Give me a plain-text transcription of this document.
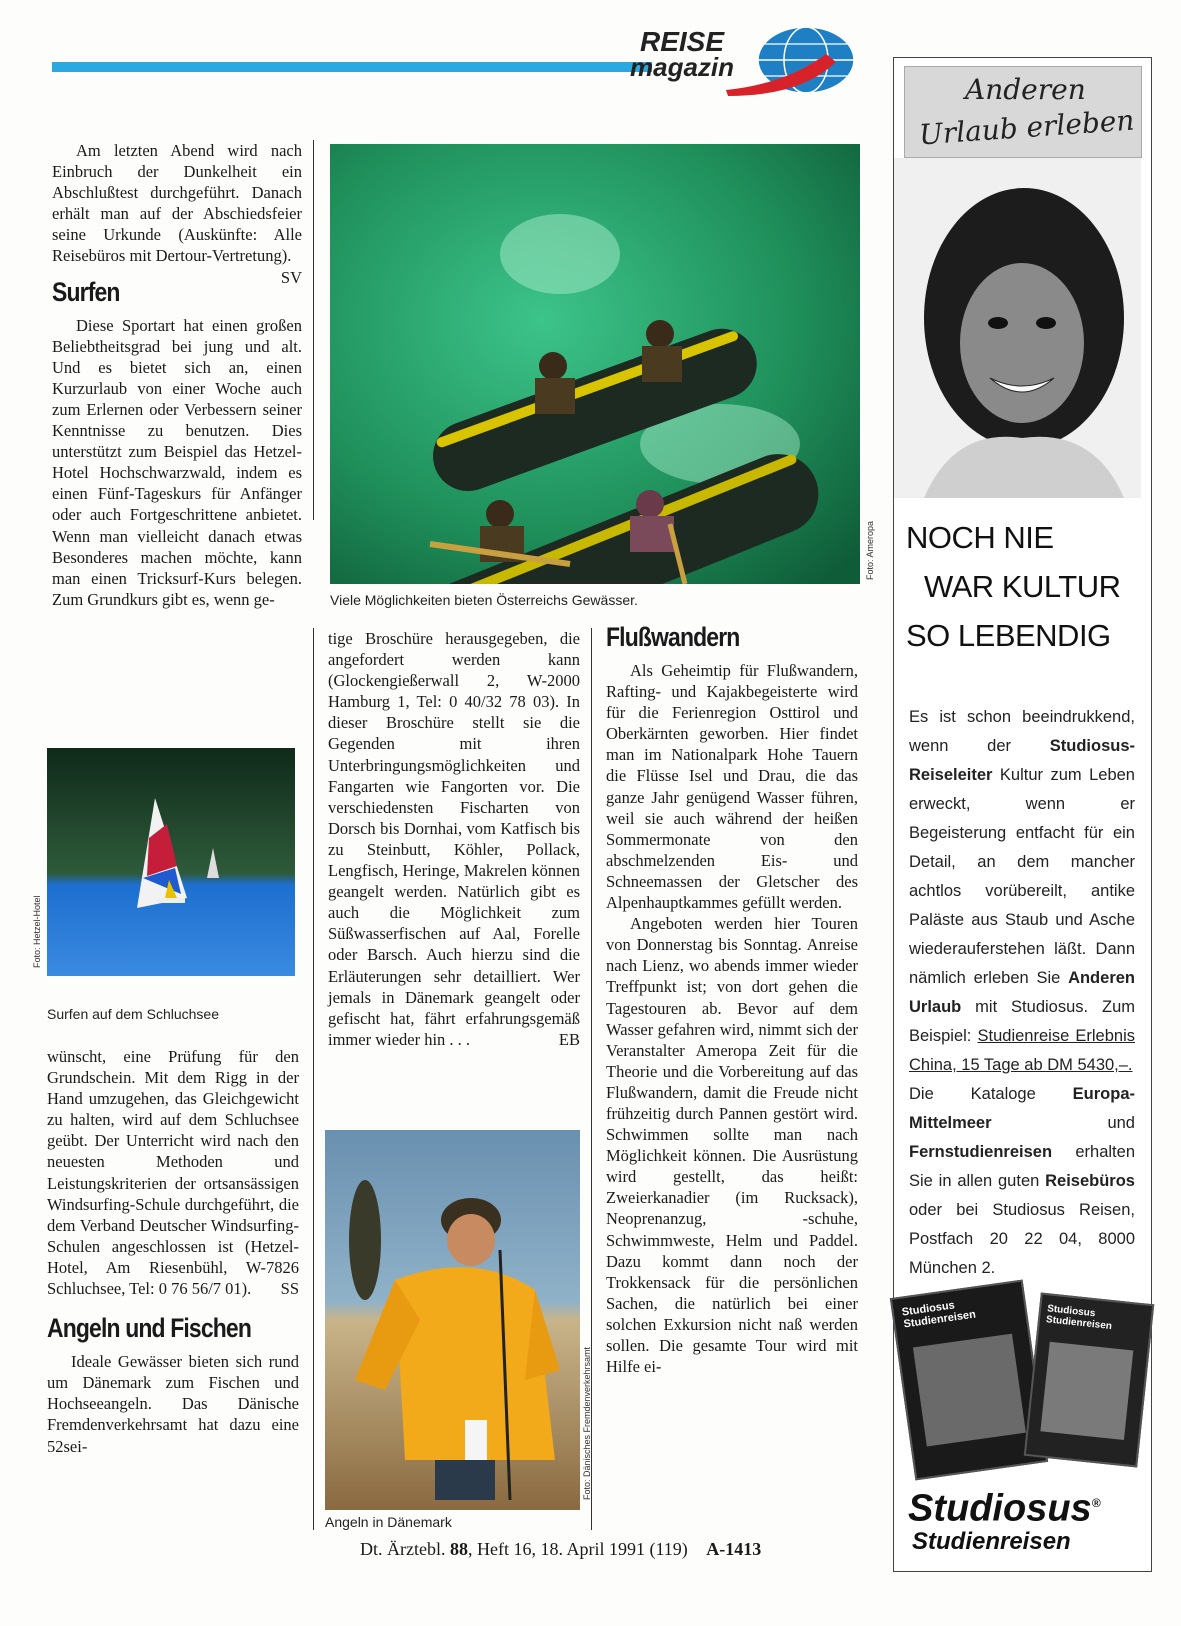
REISE
magazin

Am letzten Abend wird nach Einbruch der Dunkelheit ein Abschlußtest durchgeführt. Danach erhält man auf der Abschiedsfeier seine Urkunde (Auskünfte: Alle Reisebüros mit Dertour-Vertretung).
SV

Surfen

Diese Sportart hat einen großen Beliebtheitsgrad bei jung und alt. Und es bietet sich an, einen Kurzurlaub von einer Woche auch zum Erlernen oder Verbessern seiner Kenntnisse zu benutzen. Dies unterstützt zum Beispiel das Hetzel-Hotel Hochschwarzwald, indem es einen Fünf-Tageskurs für Anfänger oder auch Fortgeschrittene anbietet. Wenn man vielleicht danach etwas Besonderes machen möchte, kann man einen Tricksurf-Kurs belegen. Zum Grundkurs gibt es, wenn ge-

Foto: Hetzel-Hotel
Surfen auf dem Schluchsee

wünscht, eine Prüfung für den Grundschein. Mit dem Rigg in der Hand umzugehen, das Gleichgewicht zu halten, wird auf dem Schluchsee geübt. Der Unterricht wird nach den neuesten Methoden und Leistungskriterien der ortsansässigen Windsurfing-Schule durchgeführt, die dem Verband Deutscher Windsurfing-Schulen angeschlossen ist (Hetzel-Hotel, Am Riesenbühl, W-7826 Schluchsee, Tel: 0 76 56/7 01). SS

Angeln und Fischen

Ideale Gewässer bieten sich rund um Dänemark zum Fischen und Hochseeangeln. Das Dänische Fremdenverkehrsamt hat dazu eine 52sei-

Foto: Ameropa
Viele Möglichkeiten bieten Österreichs Gewässer.

tige Broschüre herausgegeben, die angefordert werden kann (Glockengießerwall 2, W-2000 Hamburg 1, Tel: 0 40/32 78 03). In dieser Broschüre stellt sie die Gegenden mit ihren Unterbringungsmöglichkeiten und Fangarten wie Fangorten vor. Die verschiedensten Fischarten von Dorsch bis Dornhai, vom Katfisch bis zu Steinbutt, Köhler, Pollack, Lengfisch, Heringe, Makrelen können geangelt werden. Natürlich gibt es auch die Möglichkeit zum Süßwasserfischen auf Aal, Forelle oder Barsch. Auch hierzu sind die Erläuterungen sehr detailliert. Wer jemals in Dänemark geangelt oder gefischt hat, fährt erfahrungsgemäß immer wieder hin . . .	EB

Foto: Dänisches Fremdenverkehrsamt
Angeln in Dänemark
Flußwandern

Als Geheimtip für Flußwandern, Rafting- und Kajakbegeisterte wird für die Ferienregion Osttirol und Oberkärnten geworben. Hier findet man im Nationalpark Hohe Tauern die Flüsse Isel und Drau, die das ganze Jahr genügend Wasser führen, weil sie auch während der heißen Sommermonate von den abschmelzenden Eis- und Schneemassen der Gletscher des Alpenhauptkammes gefüllt werden.

Angeboten werden hier Touren von Donnerstag bis Sonntag. Anreise nach Lienz, wo abends immer wieder Treffpunkt ist; von dort gehen die Tagestouren ab. Bevor auf dem Wasser gefahren wird, nimmt sich der Veranstalter Ameropa Zeit für die Theorie und die Vorbereitung auf das Flußwandern, damit die Freude nicht frühzeitig durch Pannen gestört wird. Schwimmen sollte man nach Möglichkeit können. Die Ausrüstung wird gestellt, das heißt: Zweierkanadier (im Rucksack), Neoprenanzug, -schuhe, Schwimmweste, Helm und Paddel. Dazu kommt dann noch der Trokkensack für die persönlichen Sachen, die natürlich bei einer solchen Exkursion nicht naß werden sollen. Die gesamte Tour wird mit Hilfe ei-

Anderen
Urlaub erleben
NOCH NIE
WAR KULTUR
SO LEBENDIG
Es ist schon beeindrukkend, wenn der Studiosus-Reiseleiter Kultur zum Leben erweckt, wenn er Begeisterung entfacht für ein Detail, an dem mancher achtlos vorübereilt, antike Paläste aus Staub und Asche wiederauferstehen läßt. Dann nämlich erleben Sie Anderen Urlaub mit Studiosus. Zum Beispiel: Studienreise Erlebnis China, 15 Tage ab DM 5430,–.
Die Kataloge Europa-Mittelmeer und Fernstudienreisen erhalten Sie in allen guten Reisebüros oder bei Studiosus Reisen, Postfach 20 22 04, 8000 München 2.
Studiosus Studienreisen	Studiosus Studienreisen
Studiosus®
Studienreisen
Dt. Ärztebl. 88, Heft 16, 18. April 1991 (119) A-1413
